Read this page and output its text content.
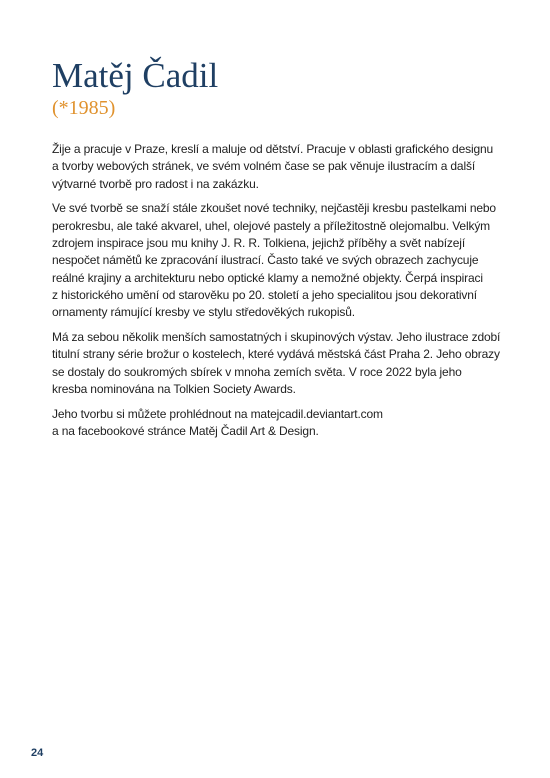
Matěj Čadil
(*1985)

Žije a pracuje v Praze, kreslí a maluje od dětství. Pracuje v oblasti grafického designu
a tvorby webových stránek, ve svém volném čase se pak věnuje ilustracím a další
výtvarné tvorbě pro radost i na zakázku.

Ve své tvorbě se snaží stále zkoušet nové techniky, nejčastěji kresbu pastelkami nebo
perokresbu, ale také akvarel, uhel, olejové pastely a příležitostně olejomalbu. Velkým
zdrojem inspirace jsou mu knihy J. R. R. Tolkiena, jejichž příběhy a svět nabízejí
nespočet námětů ke zpracování ilustrací. Často také ve svých obrazech zachycuje
reálné krajiny a architekturu nebo optické klamy a nemožné objekty. Čerpá inspiraci
z historického umění od starověku po 20. století a jeho specialitou jsou dekorativní
ornamenty rámující kresby ve stylu středověkých rukopisů.

Má za sebou několik menších samostatných i skupinových výstav. Jeho ilustrace zdobí
titulní strany série brožur o kostelech, které vydává městská část Praha 2. Jeho obrazy
se dostaly do soukromých sbírek v mnoha zemích světa. V roce 2022 byla jeho
kresba nominována na Tolkien Society Awards.

Jeho tvorbu si můžete prohlédnout na matejcadil.deviantart.com
a na facebookové stránce Matěj Čadil Art & Design.

24
